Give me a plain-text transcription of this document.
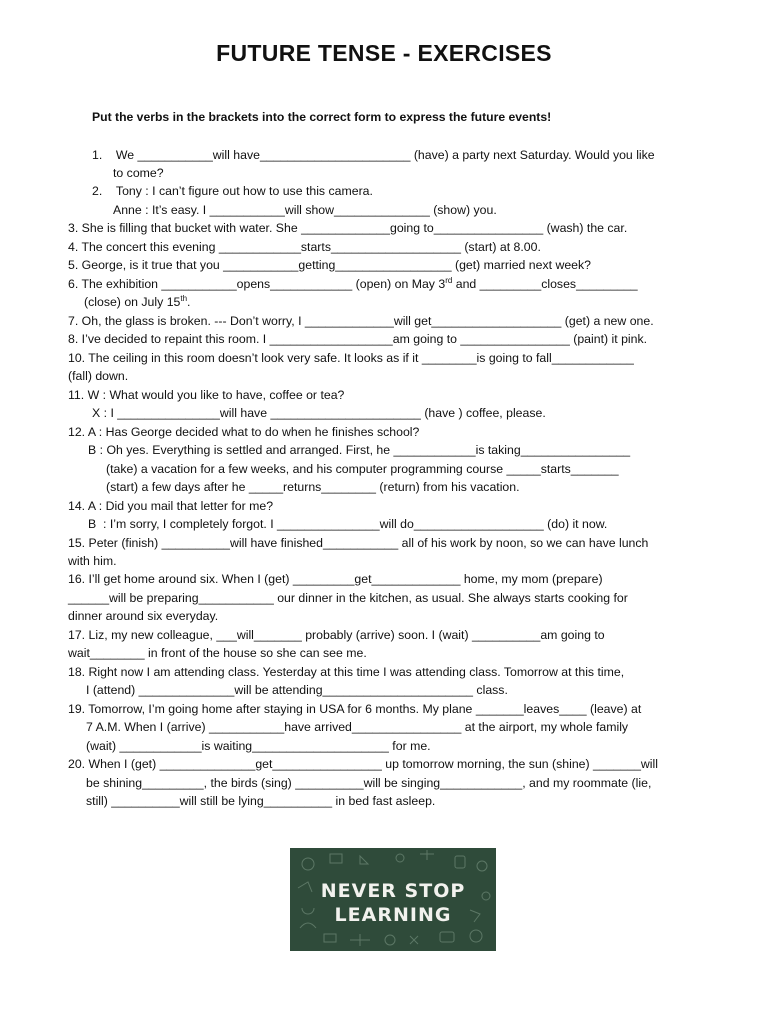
FUTURE TENSE - EXERCISES
Put the verbs in the brackets into the correct form to express the future events!
1.    We ___________will have______________________ (have) a party next Saturday. Would you like
to come?
2.    Tony : I can’t figure out how to use this camera.
Anne : It’s easy. I ___________will show______________ (show) you.
3. She is filling that bucket with water. She _____________going to________________ (wash) the car.
4. The concert this evening ____________starts___________________ (start) at 8.00.
5. George, is it true that you ___________getting_________________ (get) married next week?
6. The exhibition ___________opens____________ (open) on May 3rd and _________closes_________
(close) on July 15th.
7. Oh, the glass is broken. --- Don’t worry, I _____________will get___________________ (get) a new one.
8. I’ve decided to repaint this room. I __________________am going to ________________ (paint) it pink.
10. The ceiling in this room doesn’t look very safe. It looks as if it ________is going to fall____________
(fall) down.
11. W : What would you like to have, coffee or tea?
X : I _______________will have ______________________ (have ) coffee, please.
12. A : Has George decided what to do when he finishes school?
B : Oh yes. Everything is settled and arranged. First, he ____________is taking________________
(take) a vacation for a few weeks, and his computer programming course _____starts_______
(start) a few days after he _____returns________ (return) from his vacation.
14. A : Did you mail that letter for me?
B  : I’m sorry, I completely forgot. I _______________will do___________________ (do) it now.
15. Peter (finish) __________will have finished___________ all of his work by noon, so we can have lunch
with him.
16. I’ll get home around six. When I (get) _________get_____________ home, my mom (prepare)
______will be preparing___________ our dinner in the kitchen, as usual. She always starts cooking for
dinner around six everyday.
17. Liz, my new colleague, ___will_______ probably (arrive) soon. I (wait) __________am going to
wait________ in front of the house so she can see me.
18. Right now I am attending class. Yesterday at this time I was attending class. Tomorrow at this time,
I (attend) ______________will be attending______________________ class.
19. Tomorrow, I’m going home after staying in USA for 6 months. My plane _______leaves____ (leave) at
7 A.M. When I (arrive) ___________have arrived________________ at the airport, my whole family
(wait) ____________is waiting____________________ for me.
20. When I (get) ______________get________________ up tomorrow morning, the sun (shine) _______will
be shining_________, the birds (sing) __________will be singing____________, and my roommate (lie,
still) __________will still be lying__________ in bed fast asleep.
NEVER STOP
LEARNING
